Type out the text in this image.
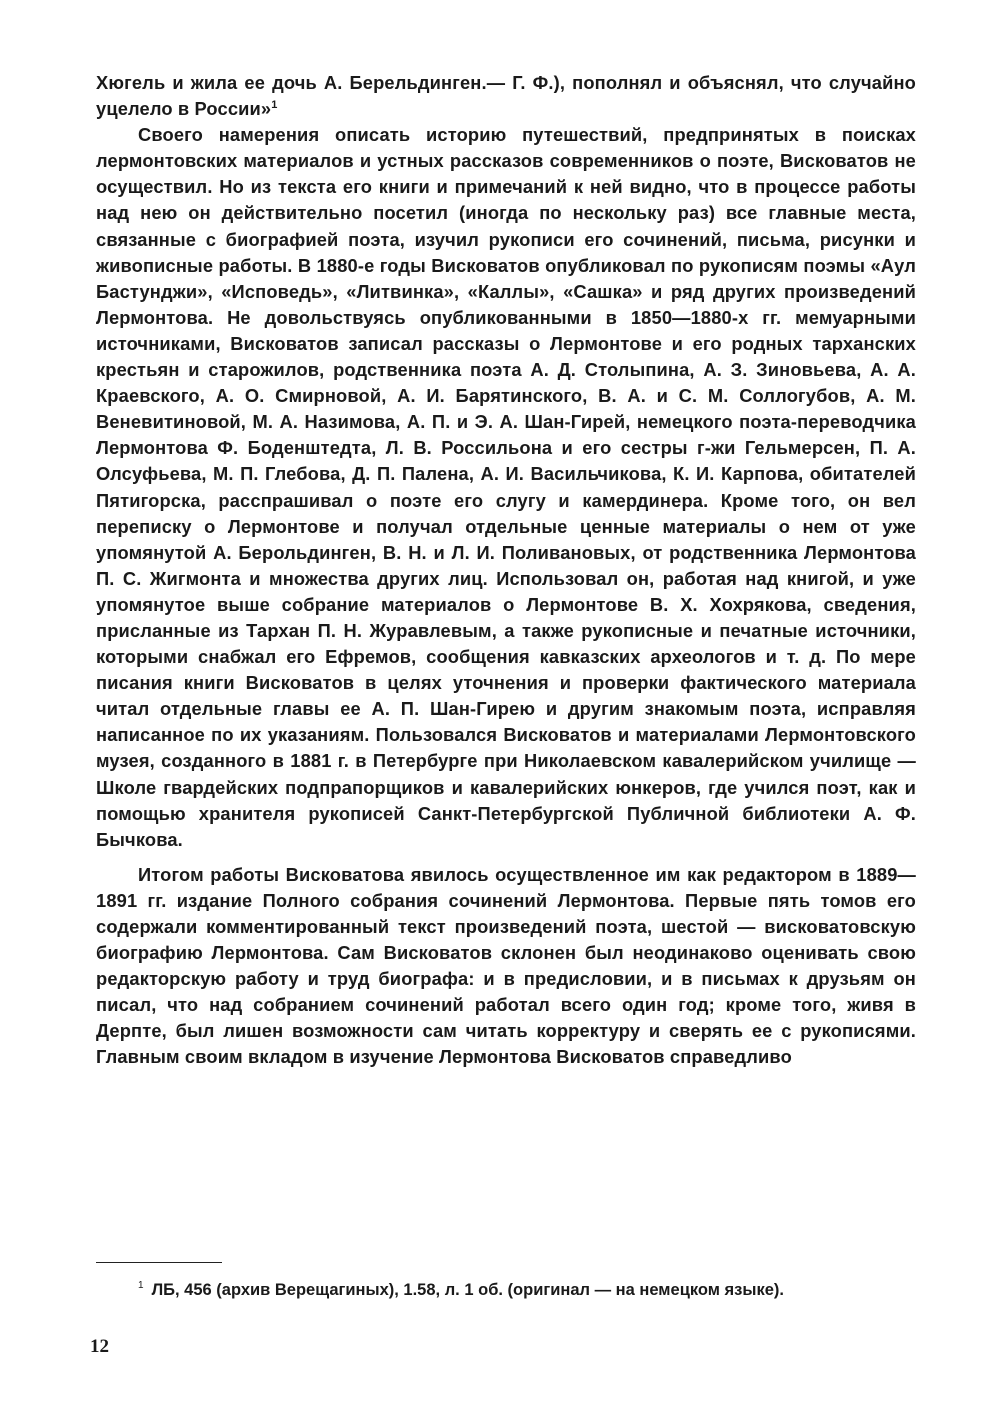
Хюгель и жила ее дочь А. Берельдинген.— Г. Ф.), пополнял и объяснял, что случайно уцелело в России»$^1$

Своего намерения описать историю путешествий, предпринятых в поисках лермонтовских материалов и устных рассказов современников о поэте, Висковатов не осуществил. Но из текста его книги и примечаний к ней видно, что в процессе работы над нею он действительно посетил (иногда по нескольку раз) все главные места, связанные с биографией поэта, изучил рукописи его сочинений, письма, рисунки и живописные работы. В 1880-е годы Висковатов опубликовал по рукописям поэмы «Аул Бастунджи», «Исповедь», «Литвинка», «Каллы», «Сашка» и ряд других произведений Лермонтова. Не довольствуясь опубликованными в 1850—1880-х гг. мемуарными источниками, Висковатов записал рассказы о Лермонтове и его родных тарханских крестьян и старожилов, родственника поэта А. Д. Столыпина, А. З. Зиновьева, А. А. Краевского, А. О. Смирновой, А. И. Барятинского, В. А. и С. М. Соллогубов, А. М. Веневитиновой, М. А. Назимова, А. П. и Э. А. Шан-Гирей, немецкого поэта-переводчика Лермонтова Ф. Боденштедта, Л. В. Россильона и его сестры г-жи Гельмерсен, П. А. Олсуфьева, М. П. Глебова, Д. П. Палена, А. И. Васильчикова, К. И. Карпова, обитателей Пятигорска, расспрашивал о поэте его слугу и камердинера. Кроме того, он вел переписку о Лермонтове и получал отдельные ценные материалы о нем от уже упомянутой А. Берольдинген, В. Н. и Л. И. Поливановых, от родственника Лермонтова П. С. Жигмонта и множества других лиц. Использовал он, работая над книгой, и уже упомянутое выше собрание материалов о Лермонтове В. Х. Хохрякова, сведения, присланные из Тархан П. Н. Журавлевым, а также рукописные и печатные источники, которыми снабжал его Ефремов, сообщения кавказских археологов и т. д. По мере писания книги Висковатов в целях уточнения и проверки фактического материала читал отдельные главы ее А. П. Шан-Гирею и другим знакомым поэта, исправляя написанное по их указаниям. Пользовался Висковатов и материалами Лермонтовского музея, созданного в 1881 г. в Петербурге при Николаевском кавалерийском училище — Школе гвардейских подпрапорщиков и кавалерийских юнкеров, где учился поэт, как и помощью хранителя рукописей Санкт-Петербургской Публичной библиотеки А. Ф. Бычкова.

Итогом работы Висковатова явилось осуществленное им как редактором в 1889—1891 гг. издание Полного собрания сочинений Лермонтова. Первые пять томов его содержали комментированный текст произведений поэта, шестой — висковатовскую биографию Лермонтова. Сам Висковатов склонен был неодинаково оценивать свою редакторскую работу и труд биографа: и в предисловии, и в письмах к друзьям он писал, что над собранием сочинений работал всего один год; кроме того, живя в Дерпте, был лишен возможности сам читать корректуру и сверять ее с рукописями. Главным своим вкладом в изучение Лермонтова Висковатов справедливо

$^1$ ЛБ, 456 (архив Верещагиных), 1.58, л. 1 об. (оригинал — на немецком языке).

12
